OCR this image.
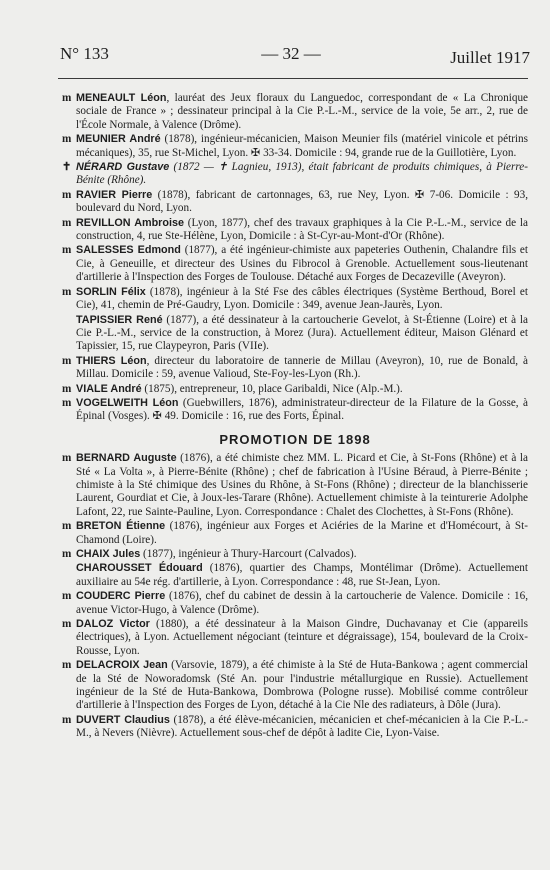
N° 133	— 32 —	Juillet 1917
m MENEAULT Léon, lauréat des Jeux floraux du Languedoc, correspondant de « La Chronique sociale de France » ; dessinateur principal à la Cie P.-L.-M., service de la voie, 5e arr., 2, rue de l'École Normale, à Valence (Drôme).
m MEUNIER André (1878), ingénieur-mécanicien, Maison Meunier fils (matériel vinicole et pétrins mécaniques), 35, rue St-Michel, Lyon. ✠ 33-34. Domicile : 94, grande rue de la Guillotière, Lyon.
✝ NÉRARD Gustave (1872 — ✝ Lagnieu, 1913), était fabricant de produits chimiques, à Pierre-Bénite (Rhône).
m RAVIER Pierre (1878), fabricant de cartonnages, 63, rue Ney, Lyon. ✠ 7-06. Domicile : 93, boulevard du Nord, Lyon.
m REVILLON Ambroise (Lyon, 1877), chef des travaux graphiques à la Cie P.-L.-M., service de la construction, 4, rue Ste-Hélène, Lyon, Domicile : à St-Cyr-au-Mont-d'Or (Rhône).
m SALESSES Edmond (1877), a été ingénieur-chimiste aux papeteries Outhenin, Chalandre fils et Cie, à Geneuille, et directeur des Usines du Fibrocol à Grenoble. Actuellement sous-lieutenant d'artillerie à l'Inspection des Forges de Toulouse. Détaché aux Forges de Decazeville (Aveyron).
m SORLIN Félix (1878), ingénieur à la Sté Fse des câbles électriques (Système Berthoud, Borel et Cie), 41, chemin de Pré-Gaudry, Lyon. Domicile : 349, avenue Jean-Jaurès, Lyon.
TAPISSIER René (1877), a été dessinateur à la cartoucherie Gevelot, à St-Étienne (Loire) et à la Cie P.-L.-M., service de la construction, à Morez (Jura). Actuellement éditeur, Maison Glénard et Tapissier, 15, rue Claypeyron, Paris (VIIe).
m THIERS Léon, directeur du laboratoire de tannerie de Millau (Aveyron), 10, rue de Bonald, à Millau. Domicile : 59, avenue Valioud, Ste-Foy-les-Lyon (Rh.).
m VIALE André (1875), entrepreneur, 10, place Garibaldi, Nice (Alp.-M.).
m VOGELWEITH Léon (Guebwillers, 1876), administrateur-directeur de la Filature de la Gosse, à Épinal (Vosges). ✠ 49. Domicile : 16, rue des Forts, Épinal.
PROMOTION DE 1898
m BERNARD Auguste (1876), a été chimiste chez MM. L. Picard et Cie, à St-Fons (Rhône) et à la Sté « La Volta », à Pierre-Bénite (Rhône) ; chef de fabrication à l'Usine Béraud, à Pierre-Bénite ; chimiste à la Sté chimique des Usines du Rhône, à St-Fons (Rhône) ; directeur de la blanchisserie Laurent, Gourdiat et Cie, à Joux-les-Tarare (Rhône). Actuellement chimiste à la teinturerie Adolphe Lafont, 22, rue Sainte-Pauline, Lyon. Correspondance : Chalet des Clochettes, à St-Fons (Rhône).
m BRETON Étienne (1876), ingénieur aux Forges et Aciéries de la Marine et d'Homécourt, à St-Chamond (Loire).
m CHAIX Jules (1877), ingénieur à Thury-Harcourt (Calvados).
CHAROUSSET Édouard (1876), quartier des Champs, Montélimar (Drôme). Actuellement auxiliaire au 54e rég. d'artillerie, à Lyon. Correspondance : 48, rue St-Jean, Lyon.
m COUDERC Pierre (1876), chef du cabinet de dessin à la cartoucherie de Valence. Domicile : 16, avenue Victor-Hugo, à Valence (Drôme).
m DALOZ Victor (1880), a été dessinateur à la Maison Gindre, Duchavanay et Cie (appareils électriques), à Lyon. Actuellement négociant (teinture et dégraissage), 154, boulevard de la Croix-Rousse, Lyon.
m DELACROIX Jean (Varsovie, 1879), a été chimiste à la Sté de Huta-Bankowa ; agent commercial de la Sté de Noworadomsk (Sté An. pour l'industrie métallurgique en Russie). Actuellement ingénieur de la Sté de Huta-Bankowa, Dombrowa (Pologne russe). Mobilisé comme contrôleur d'artillerie à l'Inspection des Forges de Lyon, détaché à la Cie Nle des radiateurs, à Dôle (Jura).
m DUVERT Claudius (1878), a été élève-mécanicien, mécanicien et chef-mécanicien à la Cie P.-L.-M., à Nevers (Nièvre). Actuellement sous-chef de dépôt à ladite Cie, Lyon-Vaise.
